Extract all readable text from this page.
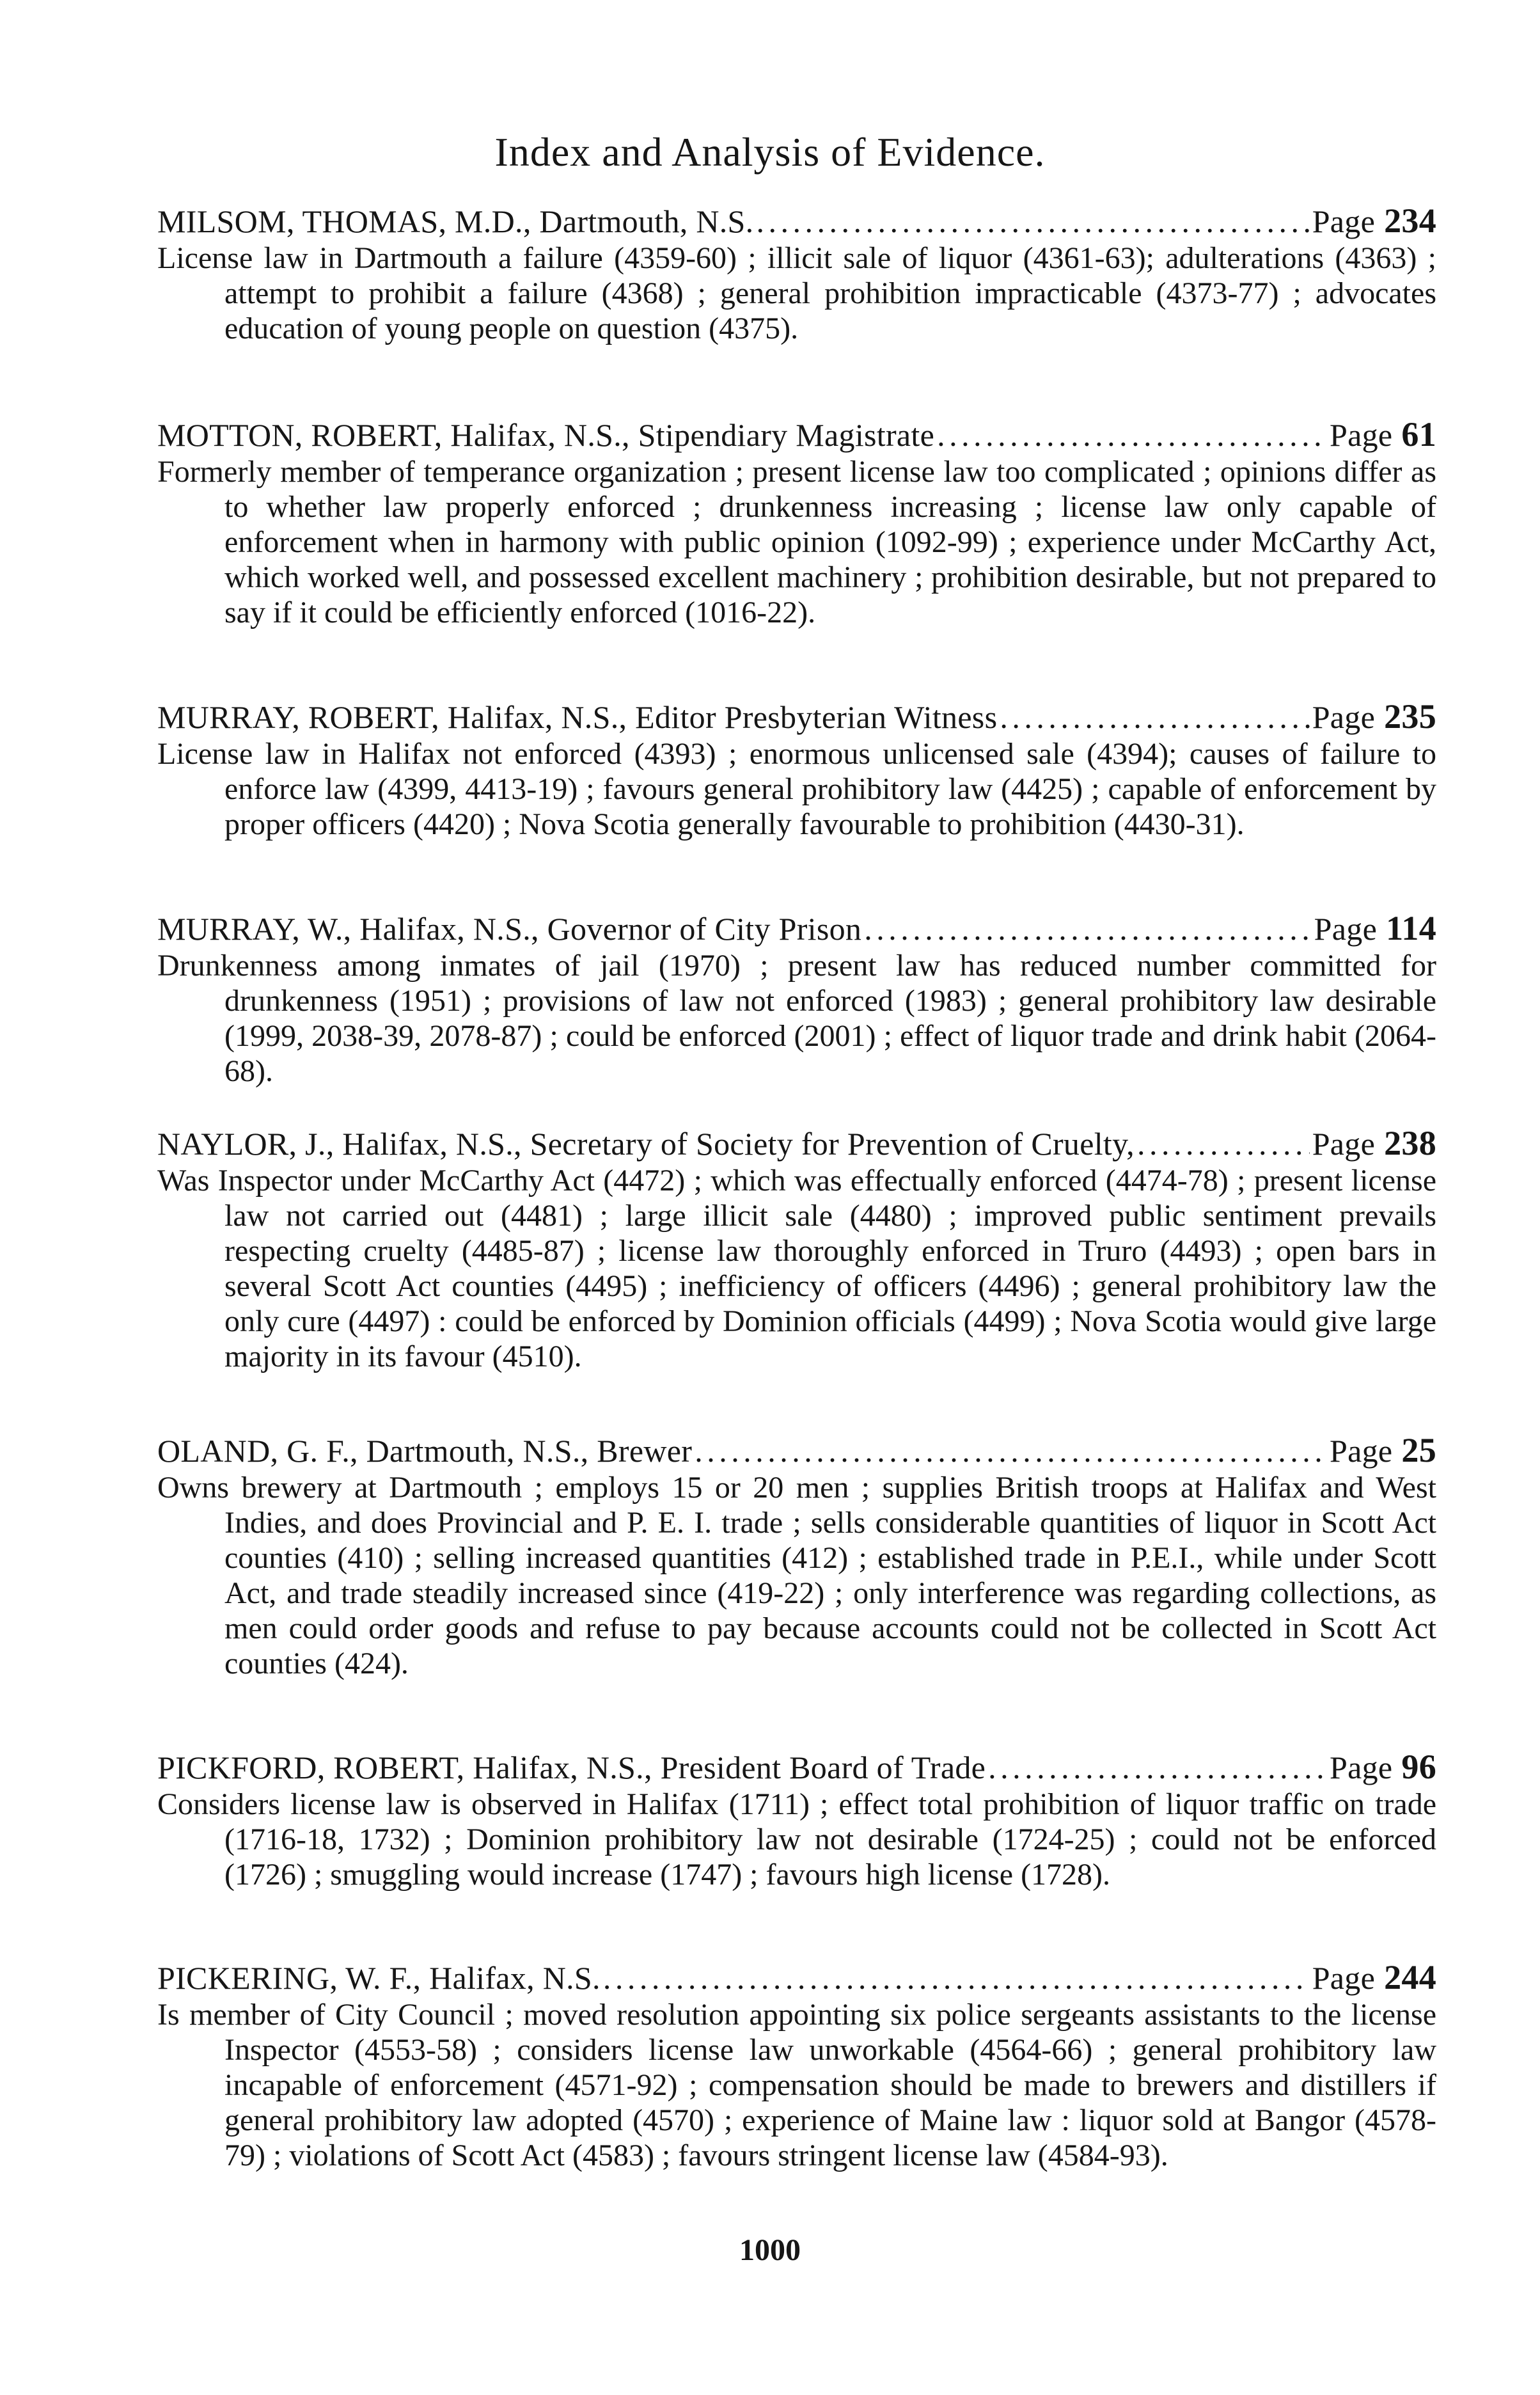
Index and Analysis of Evidence.
MILSOM, THOMAS, M.D., Dartmouth, N.S. . . .	Page 234
License law in Dartmouth a failure (4359-60) ; illicit sale of liquor (4361-63); adulterations (4363) ; attempt to prohibit a failure (4368) ; general prohibition impracticable (4373-77) ; advocates education of young people on question (4375).
MOTTON, ROBERT, Halifax, N.S.,
Stipendiary Magistrate . . .	Page 61
Formerly member of temperance organization ; present license law too complicated ; opinions differ as to whether law properly enforced ; drunkenness increasing ; license law only capable of enforcement when in harmony with public opinion (1092-99) ; experience under McCarthy Act, which worked well, and possessed excellent machinery ; prohibition desirable, but not prepared to say if it could be efficiently enforced (1016-22).
MURRAY, ROBERT, Halifax, N.S.,
Editor Presbyterian Witness . . .	Page 235
License law in Halifax not enforced (4393) ; enormous unlicensed sale (4394); causes of failure to enforce law (4399, 4413-19) ; favours general prohibitory law (4425) ; capable of enforcement by proper officers (4420) ; Nova Scotia generally favourable to prohibition (4430-31).
MURRAY, W., Halifax, N.S.,
Governor of City Prison . . .	Page 114
Drunkenness among inmates of jail (1970) ; present law has reduced number committed for drunkenness (1951) ; provisions of law not enforced (1983) ; general prohibitory law desirable (1999, 2038-39, 2078-87) ; could be enforced (2001) ; effect of liquor trade and drink habit (2064-68).
NAYLOR, J., Halifax, N.S.,
Secretary of Society for Prevention of Cruelty, . . .	Page 238
Was Inspector under McCarthy Act (4472) ; which was effectually enforced (4474-78) ; present license law not carried out (4481) ; large illicit sale (4480) ; improved public sentiment prevails respecting cruelty (4485-87) ; license law thoroughly enforced in Truro (4493) ; open bars in several Scott Act counties (4495) ; inefficiency of officers (4496) ; general prohibitory law the only cure (4497) : could be enforced by Dominion officials (4499) ; Nova Scotia would give large majority in its favour (4510).
OLAND, G. F., Dartmouth, N.S.,
Brewer . . .	Page 25
Owns brewery at Dartmouth ; employs 15 or 20 men ; supplies British troops at Halifax and West Indies, and does Provincial and P. E. I. trade ; sells considerable quantities of liquor in Scott Act counties (410) ; selling increased quantities (412) ; established trade in P.E.I., while under Scott Act, and trade steadily increased since (419-22) ; only interference was regarding collections, as men could order goods and refuse to pay because accounts could not be collected in Scott Act counties (424).
PICKFORD, ROBERT, Halifax, N.S.,
President Board of Trade . . .	Page 96
Considers license law is observed in Halifax (1711) ; effect total prohibition of liquor traffic on trade (1716-18, 1732) ; Dominion prohibitory law not desirable (1724-25) ; could not be enforced (1726) ; smuggling would increase (1747) ; favours high license (1728).
PICKERING, W. F., Halifax, N.S. . . .	Page 244
Is member of City Council ; moved resolution appointing six police sergeants assistants to the license Inspector (4553-58) ; considers license law unworkable (4564-66) ; general prohibitory law incapable of enforcement (4571-92) ; compensation should be made to brewers and distillers if general prohibitory law adopted (4570) ; experience of Maine law : liquor sold at Bangor (4578-79) ; violations of Scott Act (4583) ; favours stringent license law (4584-93).
1000
